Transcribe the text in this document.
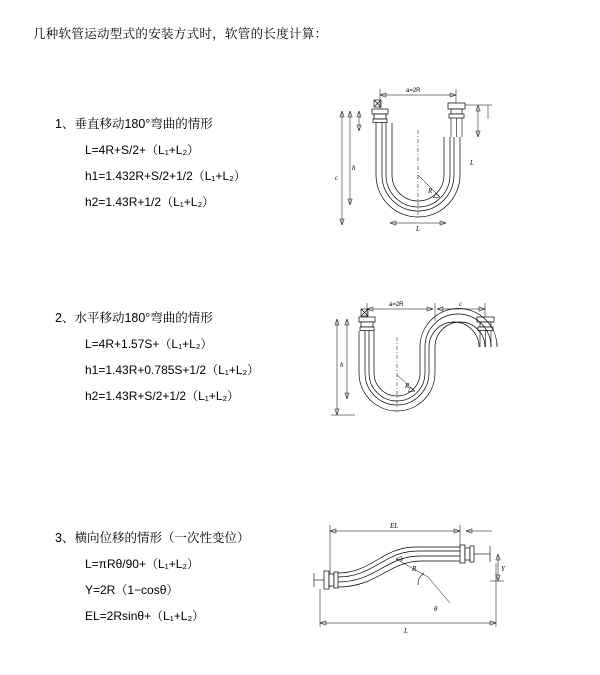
几种软管运动型式的安装方式时，软管的长度计算：
1、垂直移动180°弯曲的情形
L=4R+S/2+（L₁+L₂）
h1=1.432R+S/2+1/2（L₁+L₂）
h2=1.43R+1/2（L₁+L₂）
a=2R
h
c
R
L
L
2、水平移动180°弯曲的情形
L=4R+1.57S+（L₁+L₂）
h1=1.43R+0.785S+1/2（L₁+L₂）
h2=1.43R+S/2+1/2（L₁+L₂）
a=2R	c
h
R
3、横向位移的情形（一次性变位）
L=πRθ/90+（L₁+L₂）
Y=2R（1−cosθ）
EL=2Rsinθ+（L₁+L₂）
EL
Y
θ
R
L
